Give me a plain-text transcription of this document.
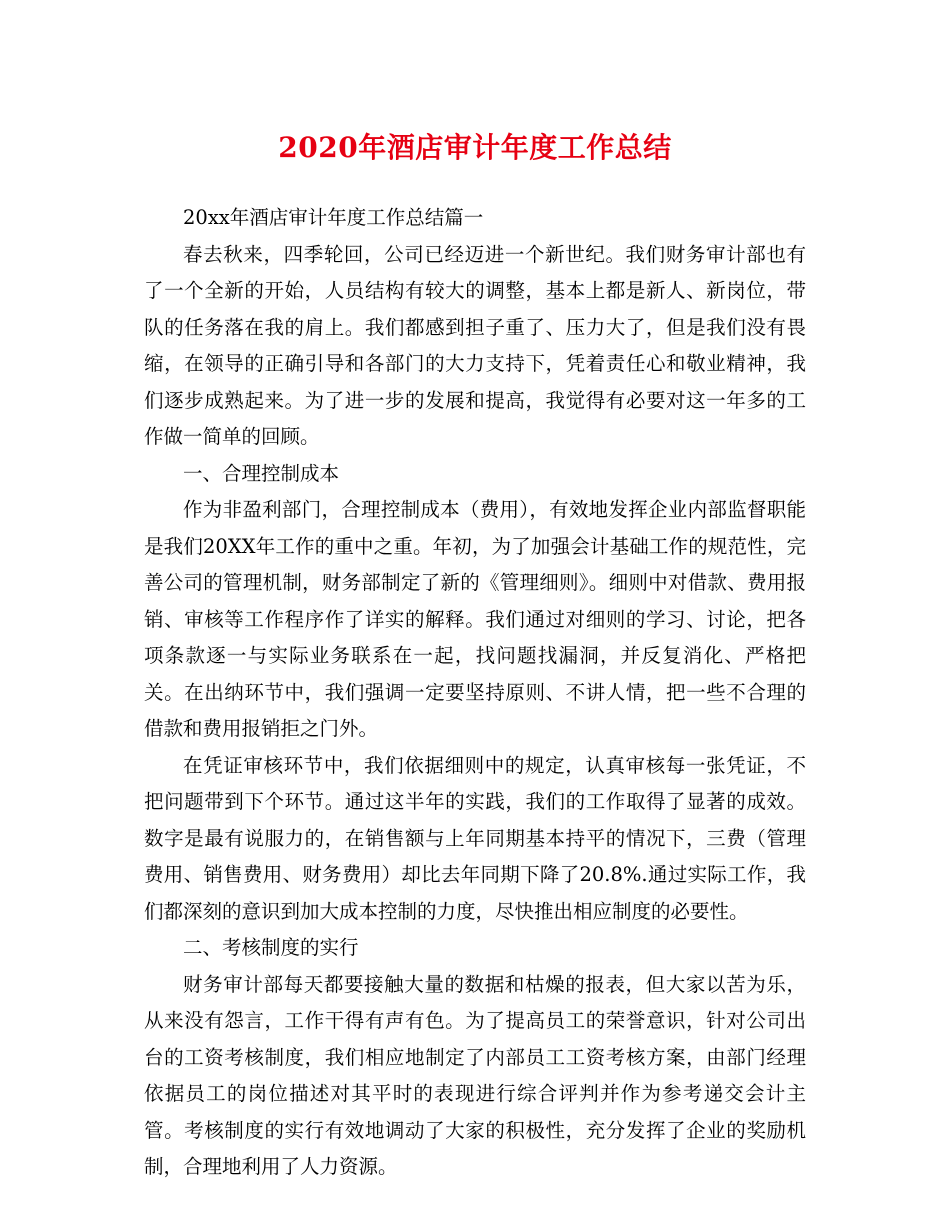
2020年酒店审计年度工作总结

20xx年酒店审计年度工作总结篇一

春去秋来，四季轮回，公司已经迈进一个新世纪。我们财务审计部也有了一个全新的开始，人员结构有较大的调整，基本上都是新人、新岗位，带队的任务落在我的肩上。我们都感到担子重了、压力大了，但是我们没有畏缩，在领导的正确引导和各部门的大力支持下，凭着责任心和敬业精神，我们逐步成熟起来。为了进一步的发展和提高，我觉得有必要对这一年多的工作做一简单的回顾。

一、合理控制成本

作为非盈利部门，合理控制成本（费用），有效地发挥企业内部监督职能是我们20XX年工作的重中之重。年初，为了加强会计基础工作的规范性，完善公司的管理机制，财务部制定了新的《管理细则》。细则中对借款、费用报销、审核等工作程序作了详实的解释。我们通过对细则的学习、讨论，把各项条款逐一与实际业务联系在一起，找问题找漏洞，并反复消化、严格把关。在出纳环节中，我们强调一定要坚持原则、不讲人情，把一些不合理的借款和费用报销拒之门外。

在凭证审核环节中，我们依据细则中的规定，认真审核每一张凭证，不把问题带到下个环节。通过这半年的实践，我们的工作取得了显著的成效。数字是最有说服力的，在销售额与上年同期基本持平的情况下，三费（管理费用、销售费用、财务费用）却比去年同期下降了20.8%.通过实际工作，我们都深刻的意识到加大成本控制的力度，尽快推出相应制度的必要性。

二、考核制度的实行

财务审计部每天都要接触大量的数据和枯燥的报表，但大家以苦为乐，从来没有怨言，工作干得有声有色。为了提高员工的荣誉意识，针对公司出台的工资考核制度，我们相应地制定了内部员工工资考核方案，由部门经理依据员工的岗位描述对其平时的表现进行综合评判并作为参考递交会计主管。考核制度的实行有效地调动了大家的积极性，充分发挥了企业的奖励机制，合理地利用了人力资源。
